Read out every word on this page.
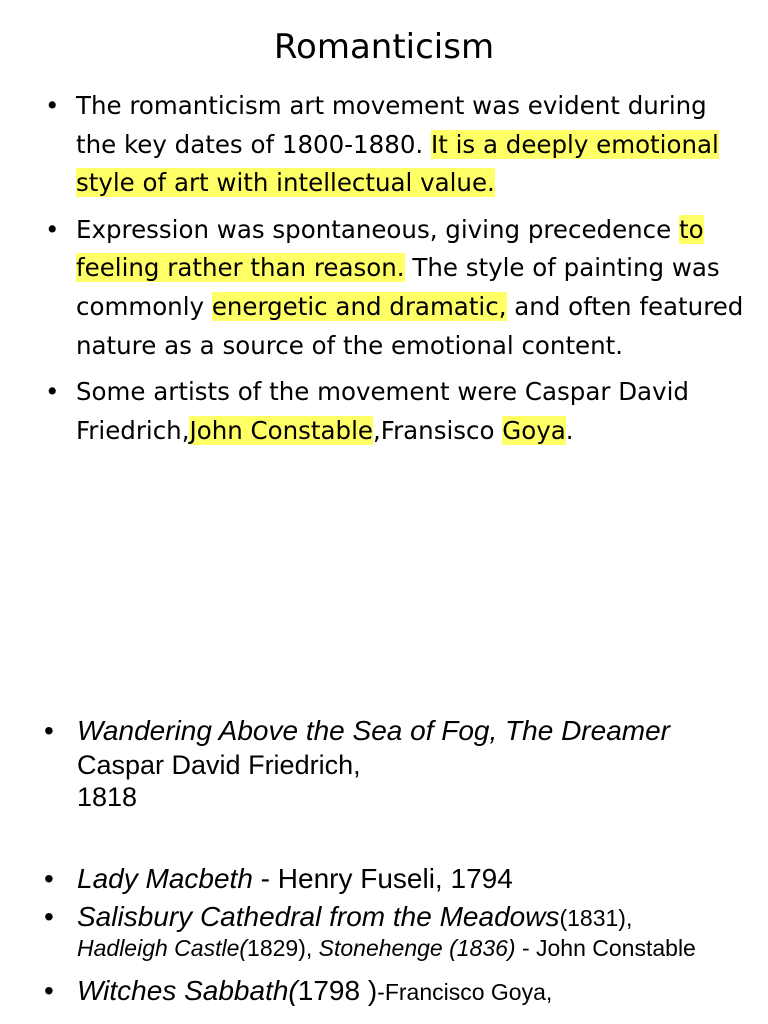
Romanticism
• The romanticism art movement was evident during the key dates of 1800-1880. It is a deeply emotional style of art with intellectual value.
• Expression was spontaneous, giving precedence to feeling rather than reason. The style of painting was commonly energetic and dramatic, and often featured nature as a source of the emotional content.
• Some artists of the movement were Caspar David Friedrich,John Constable,Fransisco Goya.
• Wandering Above the Sea of Fog, The Dreamer
Caspar David Friedrich,
1818
• Lady Macbeth - Henry Fuseli, 1794
• Salisbury Cathedral from the Meadows(1831),
Hadleigh Castle(1829), Stonehenge (1836) - John Constable
• Witches Sabbath(1798 )-Francisco Goya,
